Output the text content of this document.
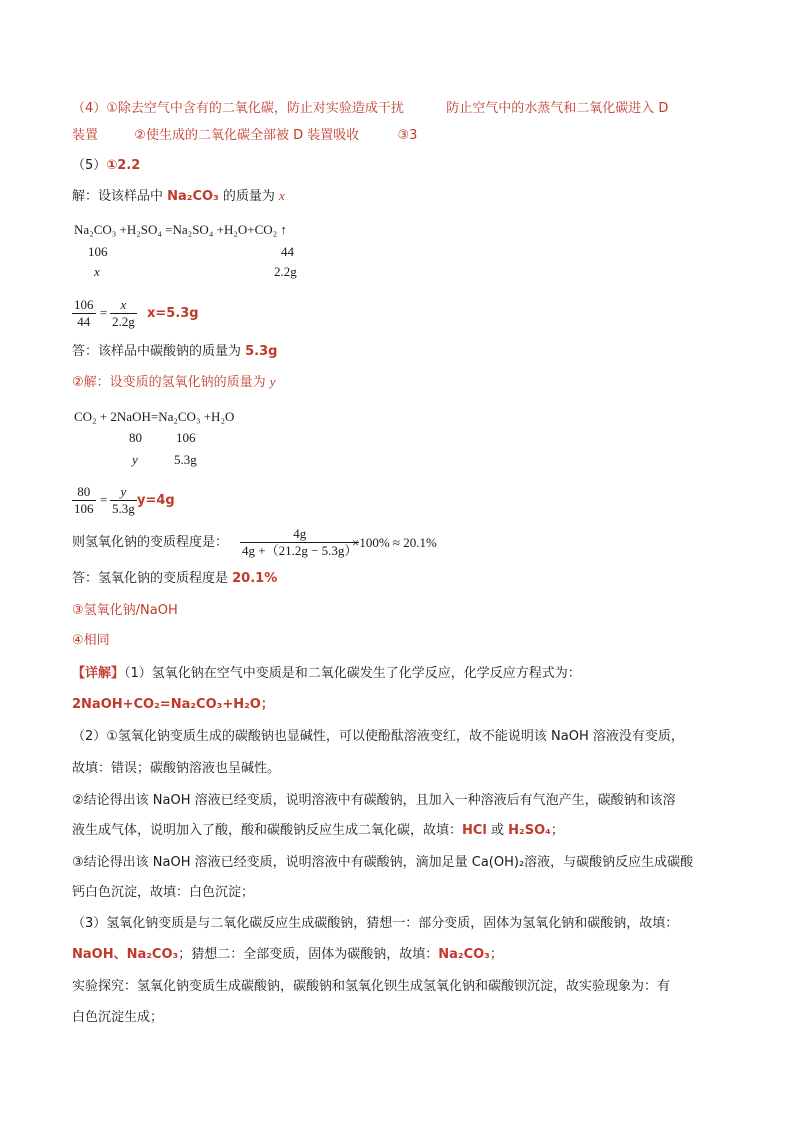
（4）①除去空气中含有的二氧化碳，防止对实验造成干扰	防止空气中的水蒸气和二氧化碳进入 D
装置	②使生成的二氧化碳全部被 D 装置吸收	③3
（5）①2.2
解：设该样品中 Na₂CO₃ 的质量为 x
Na₂CO₃ +H₂SO₄ =Na₂SO₄ +H₂O+CO₂ ↑
106	44
x	2.2g
$\frac{106}{44} = \frac{x}{2.2g} x=5.3g$
答：该样品中碳酸钠的质量为 5.3g
②解：设变质的氢氧化钠的质量为 y
CO₂ + 2NaOH=Na₂CO₃ +H₂O
80	106
y	5.3g
$\frac{80}{106} = \frac{y}{5.3g} y=4g$
则氢氧化钠的变质程度是： $\frac{4g}{4g +(21.2g - 5.3g)}$
×100% ≈ 20.1%
答：氢氧化钠的变质程度是 20.1%
③氢氧化钠/NaOH
④相同
【详解】（1）氢氧化钠在空气中变质是和二氧化碳发生了化学反应，化学反应方程式为：
2NaOH+CO₂=Na₂CO₃+H₂O；
（2）①氢氧化钠变质生成的碳酸钠也显碱性，可以使酚酞溶液变红，故不能说明该 NaOH 溶液没有变质，
故填：错误；碳酸钠溶液也呈碱性。
②结论得出该 NaOH 溶液已经变质，说明溶液中有碳酸钠，且加入一种溶液后有气泡产生，碳酸钠和该溶
液生成气体，说明加入了酸，酸和碳酸钠反应生成二氧化碳，故填：HCl 或 H₂SO₄；
③结论得出该 NaOH 溶液已经变质，说明溶液中有碳酸钠，滴加足量 Ca(OH)₂溶液，与碳酸钠反应生成碳酸
钙白色沉淀，故填：白色沉淀；
（3）氢氧化钠变质是与二氧化碳反应生成碳酸钠，猜想一：部分变质，固体为氢氧化钠和碳酸钠，故填：
NaOH、Na₂CO₃；猜想二：全部变质，固体为碳酸钠，故填：Na₂CO₃；
实验探究：氢氧化钠变质生成碳酸钠，碳酸钠和氢氧化钡生成氢氧化钠和碳酸钡沉淀，故实验现象为：有
白色沉淀生成；
